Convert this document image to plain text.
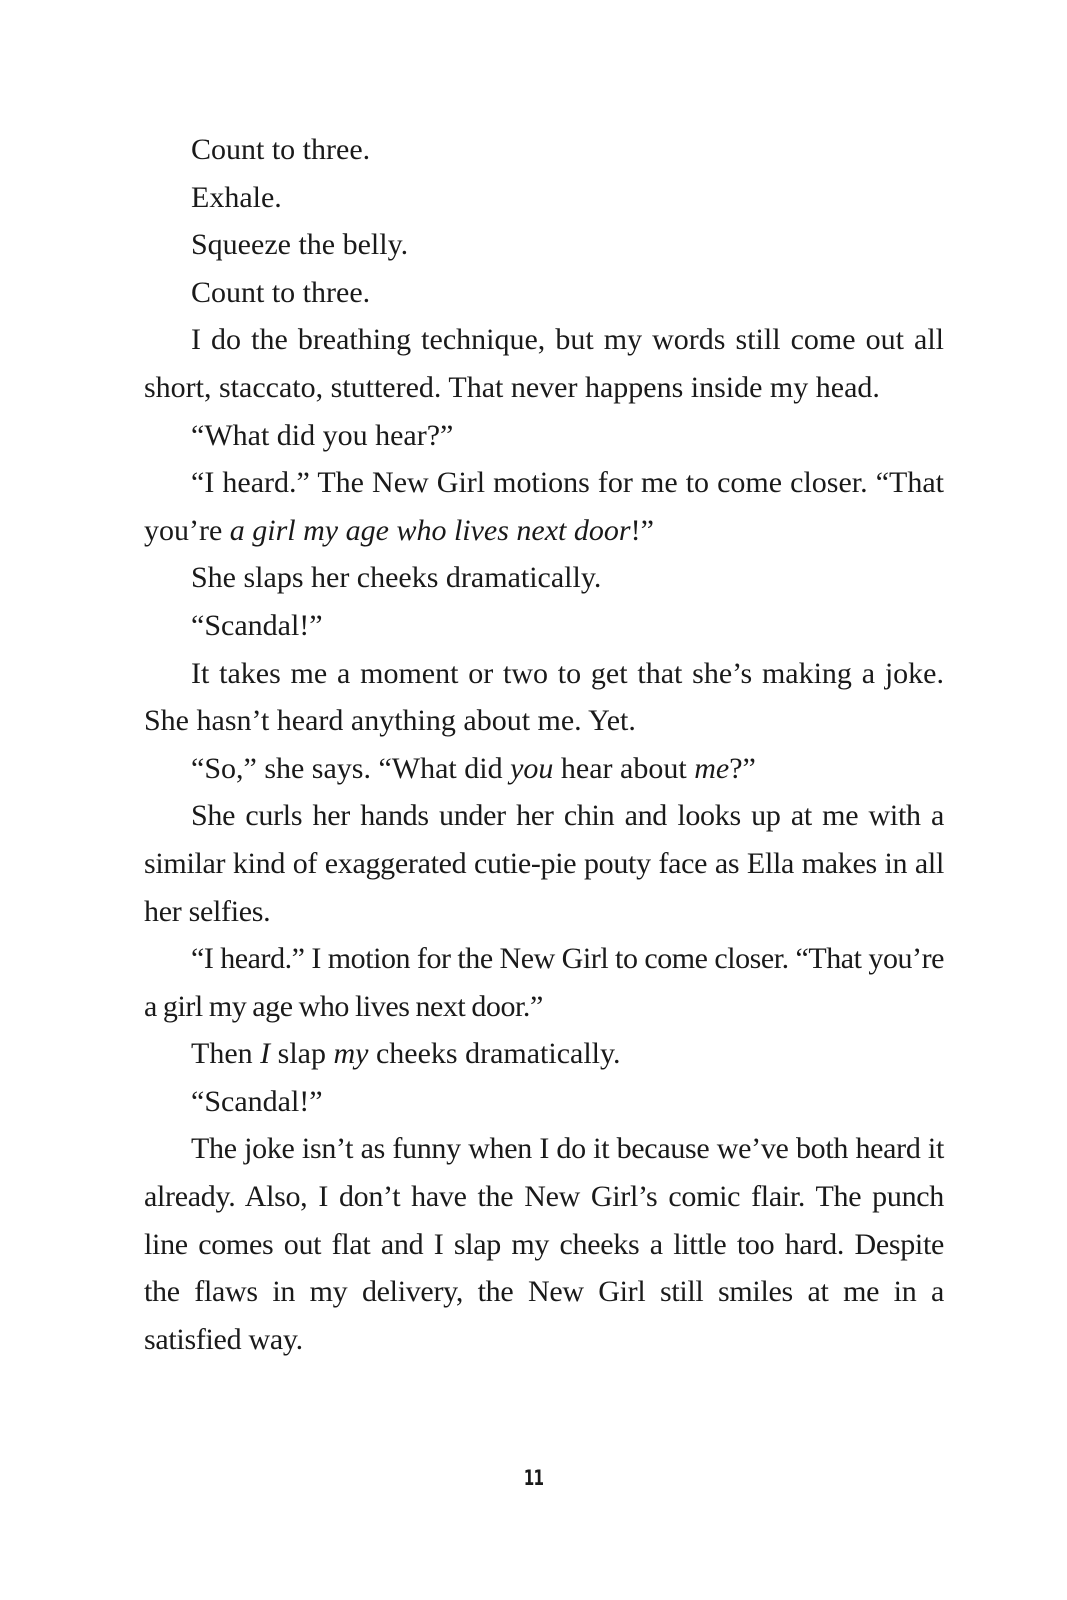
Count to three.

Exhale.

Squeeze the belly.

Count to three.

I do the breathing technique, but my words still come out all short, staccato, stuttered. That never happens inside my head.

“What did you hear?”

“I heard.” The New Girl motions for me to come closer. “That you’re a girl my age who lives next door!”

She slaps her cheeks dramatically.

“Scandal!”

It takes me a moment or two to get that she’s making a joke. She hasn’t heard anything about me. Yet.

“So,” she says. “What did you hear about me?”

She curls her hands under her chin and looks up at me with a similar kind of exaggerated cutie-pie pouty face as Ella makes in all her selfies.

“I heard.” I motion for the New Girl to come closer. “That you’re a girl my age who lives next door.”

Then I slap my cheeks dramatically.

“Scandal!”

The joke isn’t as funny when I do it because we’ve both heard it already. Also, I don’t have the New Girl’s comic flair. The punch line comes out flat and I slap my cheeks a little too hard. Despite the flaws in my delivery, the New Girl still smiles at me in a satisfied way.

11
